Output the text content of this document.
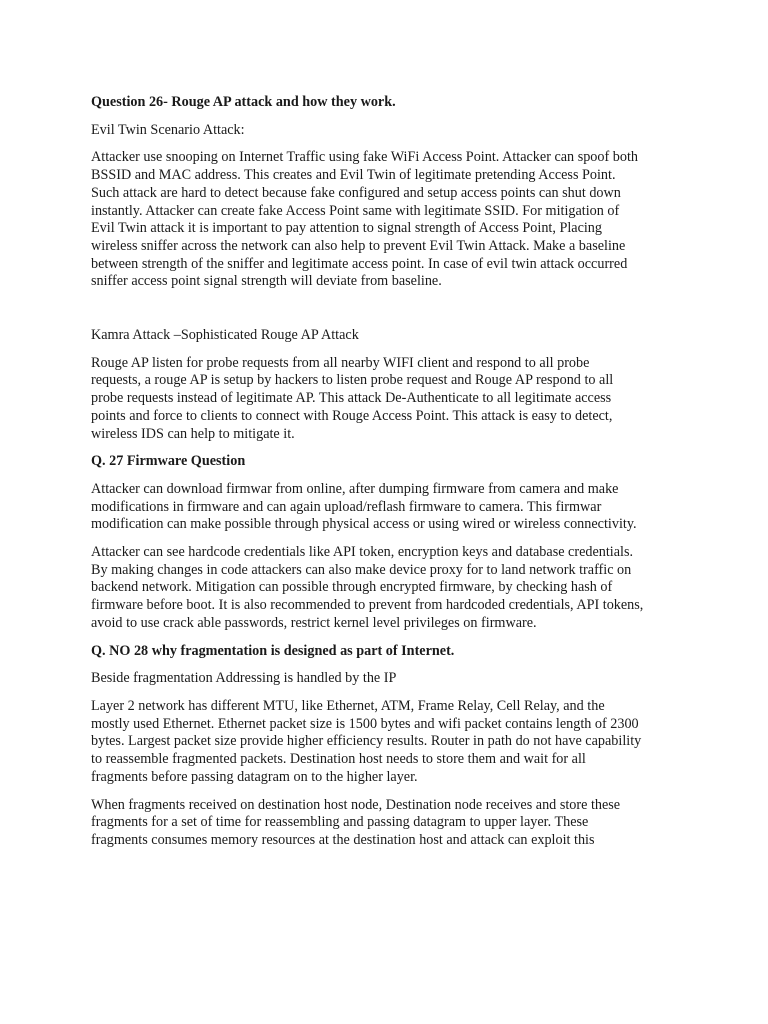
Question 26- Rouge AP attack and how they work.

Evil Twin Scenario Attack:

Attacker use snooping on Internet Traffic using fake WiFi Access Point. Attacker can spoof both
BSSID and MAC address. This creates and Evil Twin of legitimate pretending Access Point.
Such attack are hard to detect because fake configured and setup access points can shut down
instantly. Attacker can create fake Access Point same with legitimate SSID. For mitigation of
Evil Twin attack it is important to pay attention to signal strength of Access Point, Placing
wireless sniffer across the network can also help to prevent Evil Twin Attack. Make a baseline
between strength of the sniffer and legitimate access point. In case of evil twin attack occurred
sniffer access point signal strength will deviate from baseline.

Kamra Attack –Sophisticated Rouge AP Attack

Rouge AP listen for probe requests from all nearby WIFI client and respond to all probe
requests, a rouge AP is setup by hackers to listen probe request and Rouge AP respond to all
probe requests instead of legitimate AP. This attack De-Authenticate to all legitimate access
points and force to clients to connect with Rouge Access Point. This attack is easy to detect,
wireless IDS can help to mitigate it.

Q. 27 Firmware Question

Attacker can download firmwar from online, after dumping firmware from camera and make
modifications in firmware and can again upload/reflash firmware to camera. This firmwar
modification can make possible through physical access or using wired or wireless connectivity.

Attacker can see hardcode credentials like API token, encryption keys and database credentials.
By making changes in code attackers can also make device proxy for to land network traffic on
backend network. Mitigation can possible through encrypted firmware, by checking hash of
firmware before boot. It is also recommended to prevent from hardcoded credentials, API tokens,
avoid to use crack able passwords, restrict kernel level privileges on firmware.

Q. NO 28 why fragmentation is designed as part of Internet.

Beside fragmentation Addressing is handled by the IP

Layer 2 network has different MTU, like Ethernet, ATM, Frame Relay, Cell Relay, and the
mostly used Ethernet. Ethernet packet size is 1500 bytes and wifi packet contains length of 2300
bytes. Largest packet size provide higher efficiency results. Router in path do not have capability
to reassemble fragmented packets. Destination host needs to store them and wait for all
fragments before passing datagram on to the higher layer.

When fragments received on destination host node, Destination node receives and store these
fragments for a set of time for reassembling and passing datagram to upper layer. These
fragments consumes memory resources at the destination host and attack can exploit this
